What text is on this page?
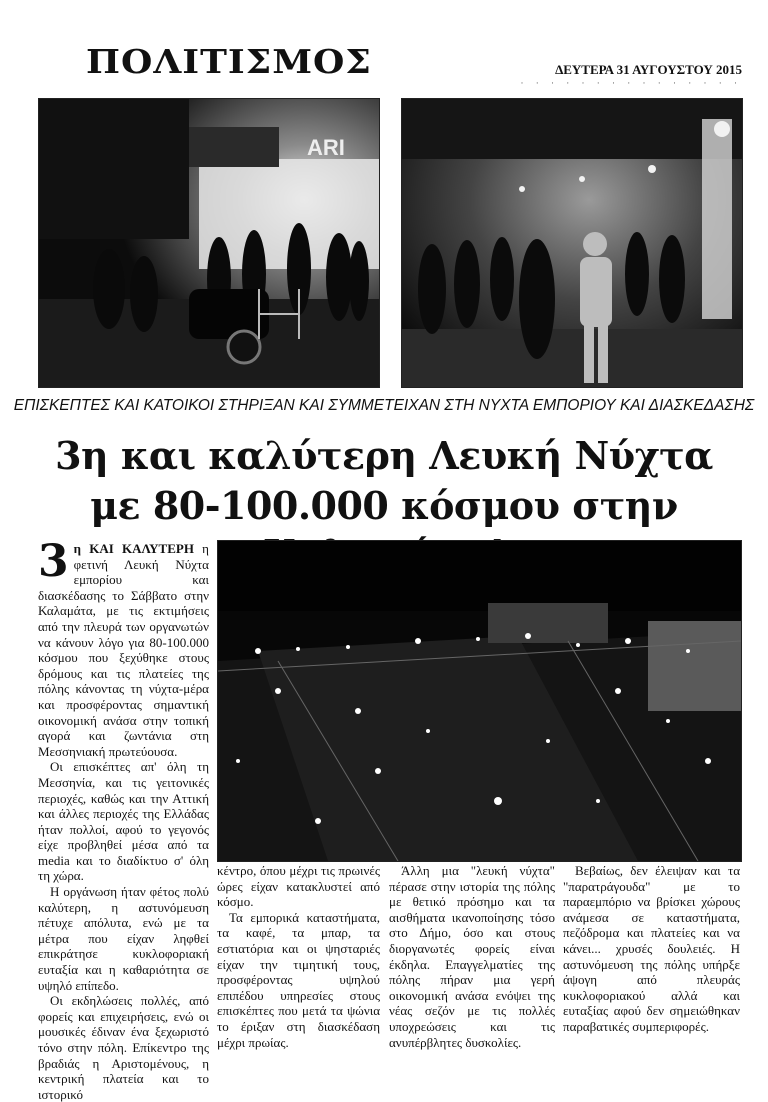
ΠΟΛΙΤΙΣΜΟΣ	ΔΕΥΤΕΡΑ 31 ΑΥΓΟΥΣΤΟΥ 2015
· · · · · · · · · · · · · · ·
ARI
ΕΠΙΣΚΕΠΤΕΣ ΚΑΙ ΚΑΤΟΙΚΟΙ ΣΤΗΡΙΞΑΝ ΚΑΙ ΣΥΜΜΕΤΕΙΧΑΝ ΣΤΗ ΝΥΧΤΑ ΕΜΠΟΡΙΟΥ ΚΑΙ ΔΙΑΣΚΕΔΑΣΗΣ
3η και καλύτερη Λευκή Νύχτα
με 80-100.000 κόσμου στην

3 η ΚΑΙ ΚΑΛΥΤΕΡΗ η φετινή Λευκή Νύχτα εμπορίου και διασκέδασης το Σάββατο στην Καλαμάτα, με τις εκτιμήσεις από την πλευρά των οργανωτών να κάνουν λόγο για 80-100.000 κόσμου που ξεχύθηκε στους δρόμους και τις πλατείες της πόλης κάνοντας τη νύχτα-μέρα και προσφέροντας σημαντική οικονομική ανάσα στην τοπική αγορά και ζωντάνια στη Μεσσηνιακή πρωτεύουσα.

Οι επισκέπτες απ' όλη τη Μεσσηνία, και τις γειτονικές περιοχές, καθώς και την Αττική και άλλες περιοχές της Ελλάδας ήταν πολλοί, αφού το γεγονός είχε προβληθεί μέσα από τα media και το διαδίκτυο σ' όλη τη χώρα.

Η οργάνωση ήταν φέτος πολύ καλύτερη, η αστυνόμευση πέτυχε απόλυτα, ενώ με τα μέτρα που είχαν ληφθεί επικράτησε κυκλοφοριακή ευταξία και η καθαριότητα σε υψηλό επίπεδο.

Οι εκδηλώσεις πολλές, από φορείς και επιχειρήσεις, ενώ οι μουσικές έδιναν ένα ξεχωριστό τόνο στην πόλη. Επίκεντρο της βραδιάς η Αριστομένους, η κεντρική πλατεία και το ιστορικό

κέντρο, όπου μέχρι τις πρωινές ώρες είχαν κατακλυστεί από κόσμο.

Τα εμπορικά καταστήματα, τα καφέ, τα μπαρ, τα εστιατόρια και οι ψησταριές είχαν την τιμητική τους, προσφέροντας υψηλού επιπέδου υπηρεσίες στους επισκέπτες που μετά τα ψώνια το έριξαν στη διασκέδαση μέχρι πρωίας.

Άλλη μια "λευκή νύχτα" πέρασε στην ιστορία της πόλης με θετικό πρόσημο και τα αισθήματα ικανοποίησης τόσο στο Δήμο, όσο και στους διοργανωτές φορείς είναι έκδηλα. Επαγγελματίες της πόλης πήραν μια γερή οικονομική ανάσα ενόψει της νέας σεζόν με τις πολλές υποχρεώσεις και τις ανυπέρβλητες δυσκολίες.

Βεβαίως, δεν έλειψαν και τα "παρατράγουδα" με το παραεμπόριο να βρίσκει χώρους ανάμεσα σε καταστήματα, πεζόδρομα και πλατείες και να κάνει... χρυσές δουλειές. Η αστυνόμευση της πόλης υπήρξε άψογη από πλευράς κυκλοφοριακού αλλά και ευταξίας αφού δεν σημειώθηκαν παραβατικές συμπεριφορές.
